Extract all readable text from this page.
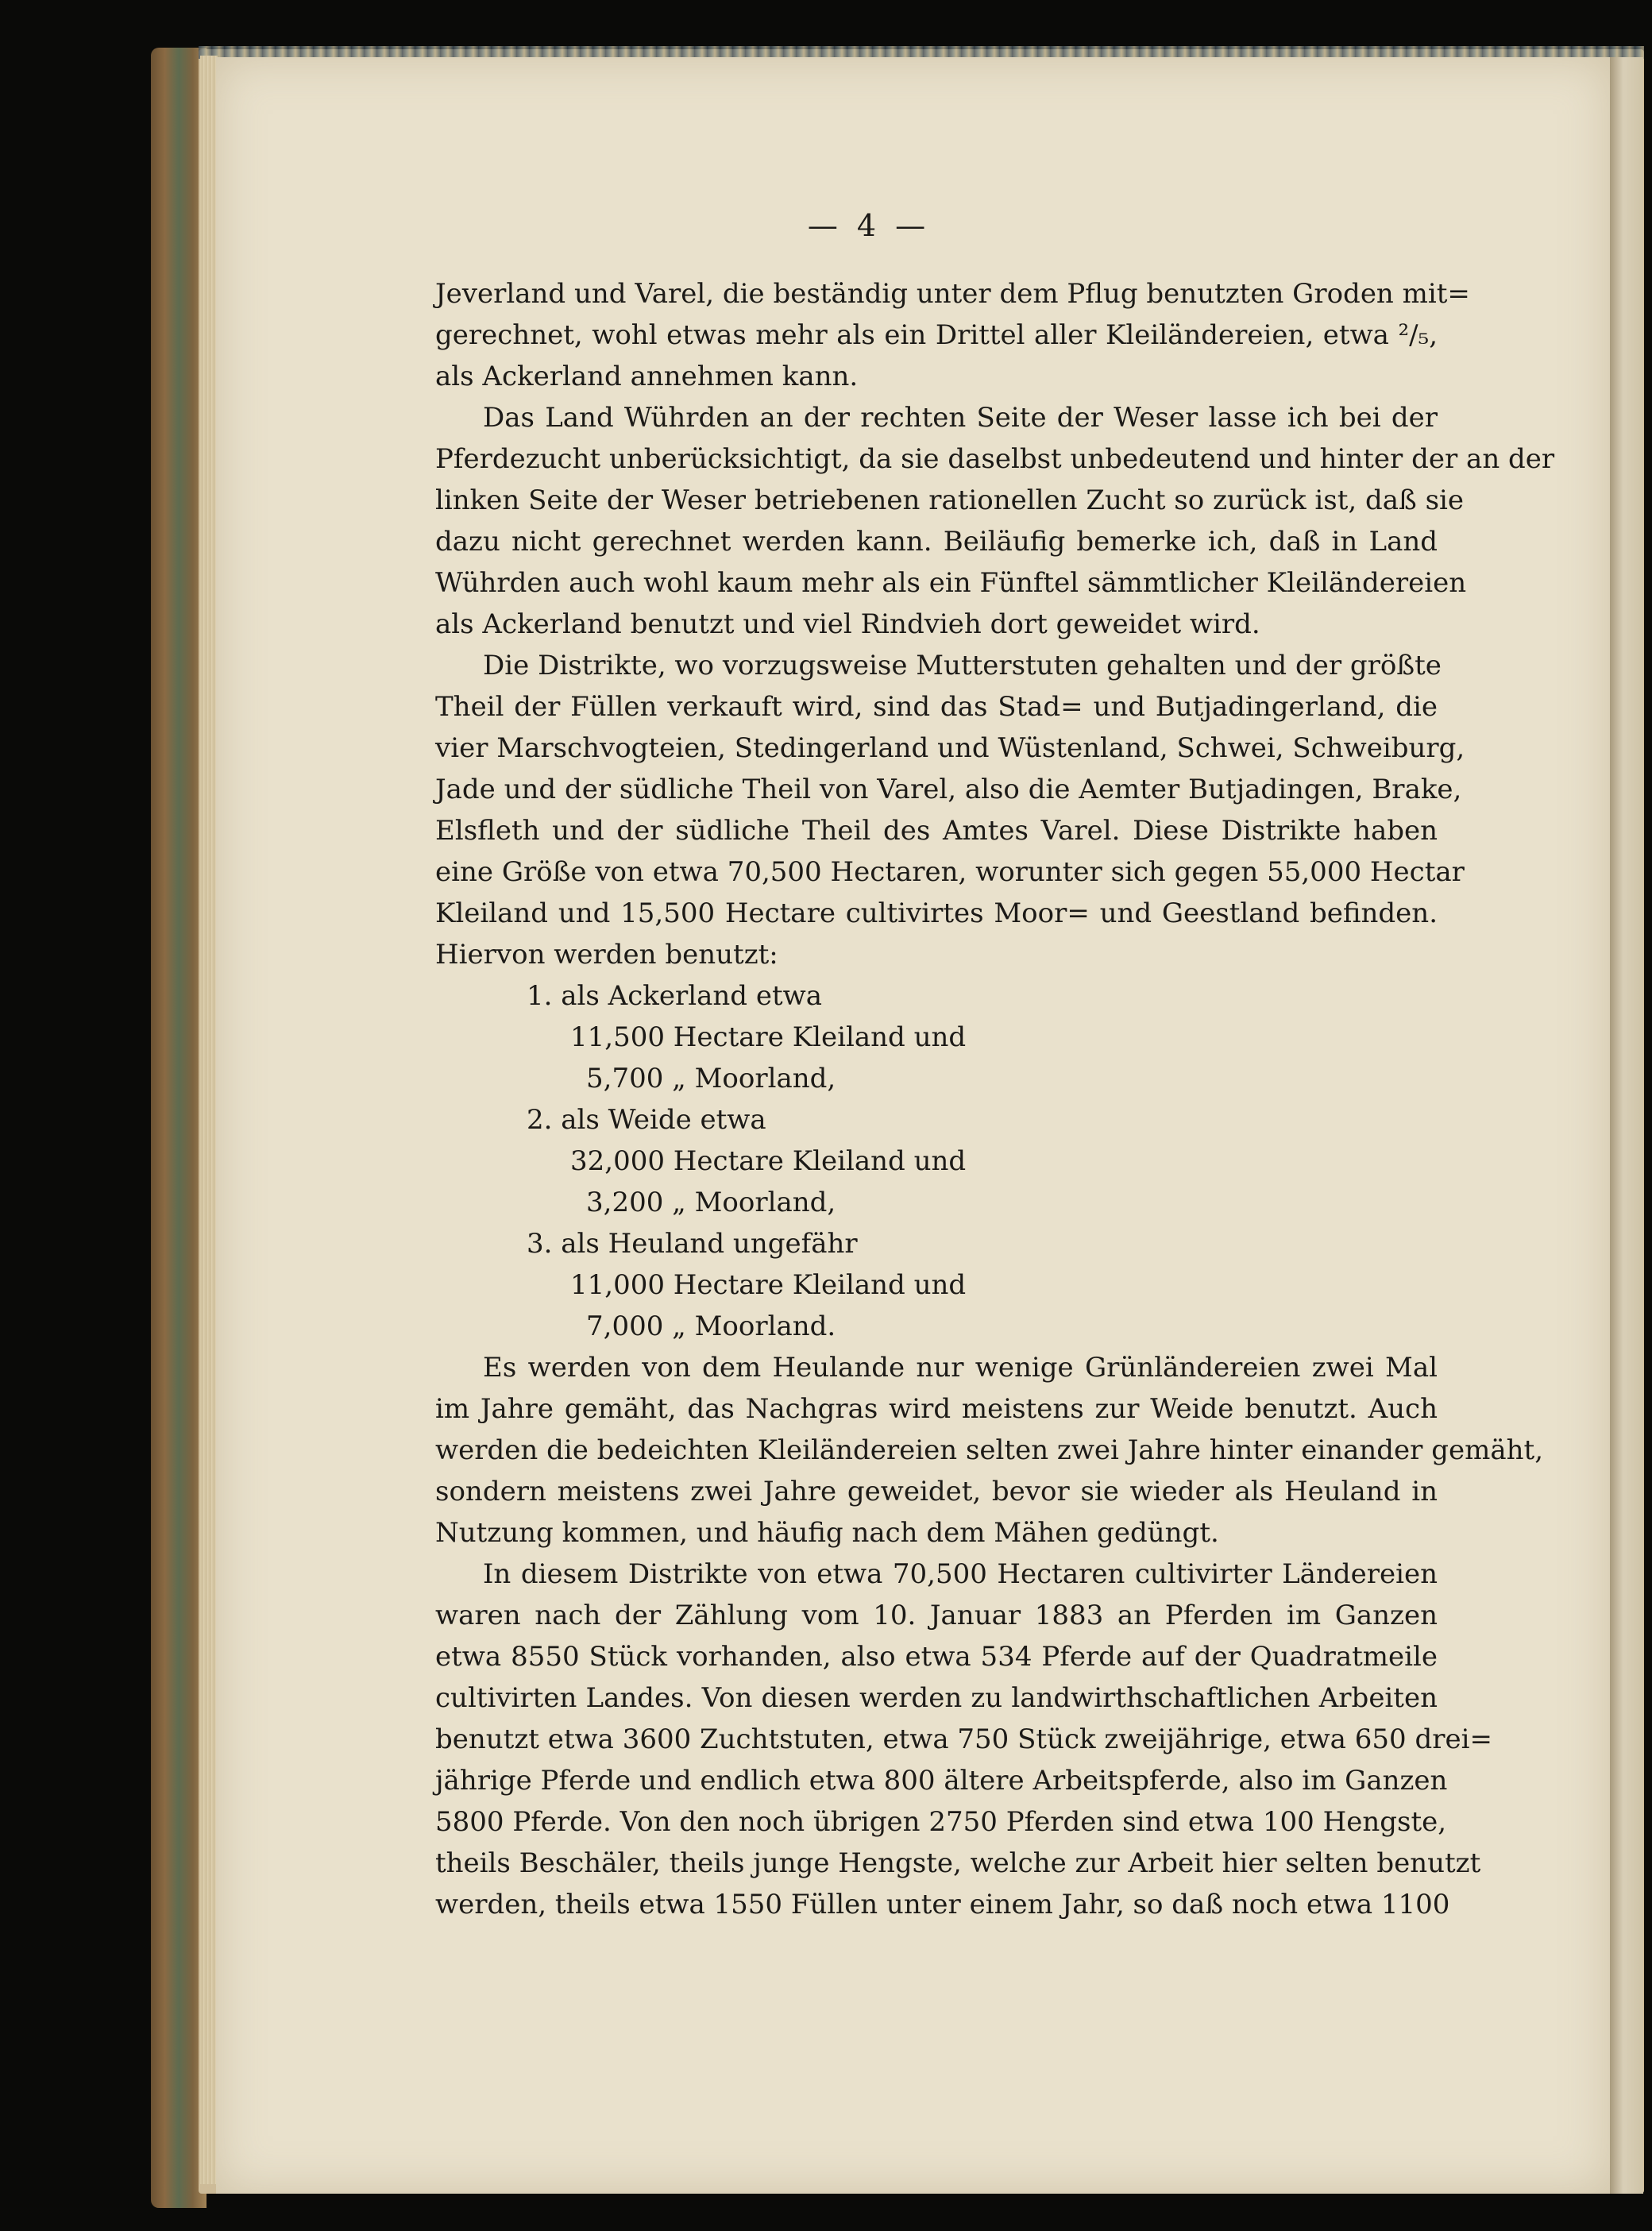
— 4 —
Jeverland und Varel, die beständig unter dem Pflug benutzten Groden mit=
gerechnet, wohl etwas mehr als ein Drittel aller Kleiländereien, etwa ²/₅,
als Ackerland annehmen kann.
Das Land Wührden an der rechten Seite der Weser lasse ich bei der
Pferdezucht unberücksichtigt, da sie daselbst unbedeutend und hinter der an der
linken Seite der Weser betriebenen rationellen Zucht so zurück ist, daß sie
dazu nicht gerechnet werden kann. Beiläufig bemerke ich, daß in Land
Wührden auch wohl kaum mehr als ein Fünftel sämmtlicher Kleiländereien
als Ackerland benutzt und viel Rindvieh dort geweidet wird.
Die Distrikte, wo vorzugsweise Mutterstuten gehalten und der größte
Theil der Füllen verkauft wird, sind das Stad= und Butjadingerland, die
vier Marschvogteien, Stedingerland und Wüstenland, Schwei, Schweiburg,
Jade und der südliche Theil von Varel, also die Aemter Butjadingen, Brake,
Elsfleth und der südliche Theil des Amtes Varel. Diese Distrikte haben
eine Größe von etwa 70,500 Hectaren, worunter sich gegen 55,000 Hectar
Kleiland und 15,500 Hectare cultivirtes Moor= und Geestland befinden.
Hiervon werden benutzt:
1. als Ackerland etwa
11,500 Hectare Kleiland und
5,700 „ Moorland,
2. als Weide etwa
32,000 Hectare Kleiland und
3,200 „ Moorland,
3. als Heuland ungefähr
11,000 Hectare Kleiland und
7,000 „ Moorland.
Es werden von dem Heulande nur wenige Grünländereien zwei Mal
im Jahre gemäht, das Nachgras wird meistens zur Weide benutzt. Auch
werden die bedeichten Kleiländereien selten zwei Jahre hinter einander gemäht,
sondern meistens zwei Jahre geweidet, bevor sie wieder als Heuland in
Nutzung kommen, und häufig nach dem Mähen gedüngt.
In diesem Distrikte von etwa 70,500 Hectaren cultivirter Ländereien
waren nach der Zählung vom 10. Januar 1883 an Pferden im Ganzen
etwa 8550 Stück vorhanden, also etwa 534 Pferde auf der Quadratmeile
cultivirten Landes. Von diesen werden zu landwirthschaftlichen Arbeiten
benutzt etwa 3600 Zuchtstuten, etwa 750 Stück zweijährige, etwa 650 drei=
jährige Pferde und endlich etwa 800 ältere Arbeitspferde, also im Ganzen
5800 Pferde. Von den noch übrigen 2750 Pferden sind etwa 100 Hengste,
theils Beschäler, theils junge Hengste, welche zur Arbeit hier selten benutzt
werden, theils etwa 1550 Füllen unter einem Jahr, so daß noch etwa 1100
